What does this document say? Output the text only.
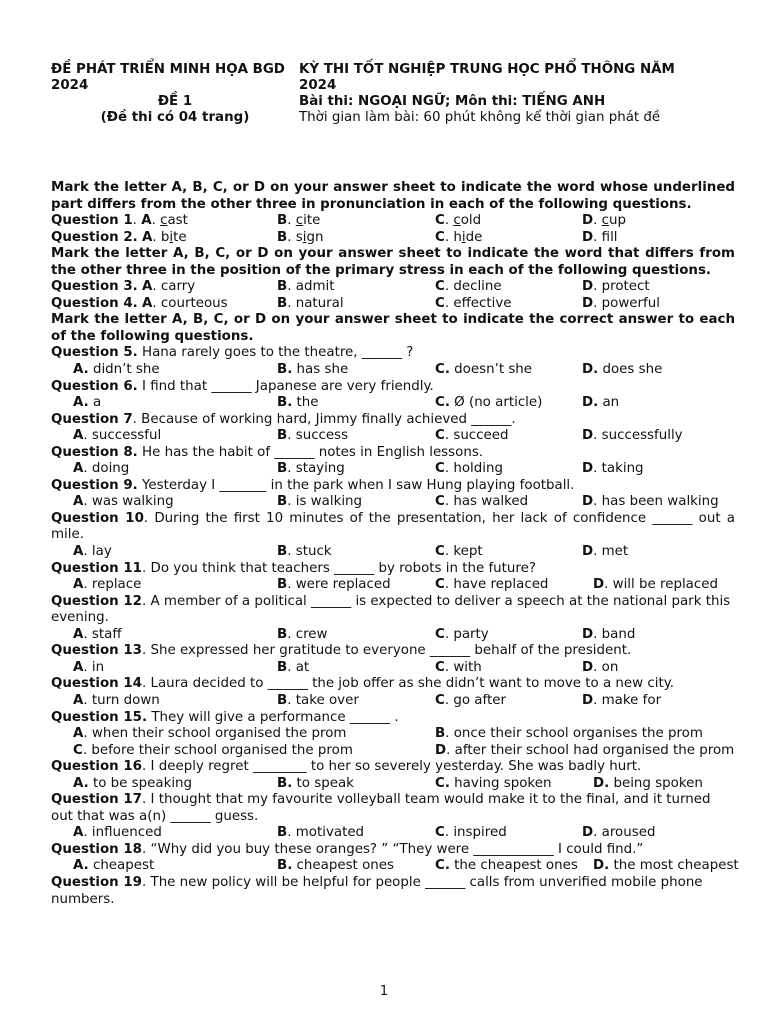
ĐỀ PHÁT TRIỂN MINH HỌA BGD
2024
ĐỀ 1
(Đề thi có 04 trang)
KỲ THI TỐT NGHIỆP TRUNG HỌC PHỔ THÔNG NĂM
2024
Bài thi: NGOẠI NGỮ; Môn thi: TIẾNG ANH
Thời gian làm bài: 60 phút không kể thời gian phát đề
Mark the letter A, B, C, or D on your answer sheet to indicate the word whose underlined part differs from the other three in pronunciation in each of the following questions.
Question 1. A. cast	B. cite	C. cold	D. cup
Question 2. A. bite	B. sign	C. hide	D. fll
Mark the letter A, B, C, or D on your answer sheet to indicate the word that differs from the other three in the position of the primary stress in each of the following questions.
Question 3. A. carry	B. admit	C. decline	D. protect
Question 4. A. courteous	B. natural	C. effective	D. powerful
Mark the letter A, B, C, or D on your answer sheet to indicate the correct answer to each of the following questions.
Question 5. Hana rarely goes to the theatre, ______ ?
A. didn’t she	B. has she	C. doesn’t she	D. does she
Question 6. I find that ______ Japanese are very friendly.
A. a	B. the	C. Ø (no article)	D. an
Question 7. Because of working hard, Jimmy finally achieved ______.
A. successful	B. success	C. succeed	D. successfully
Question 8. He has the habit of ______ notes in English lessons.
A. doing	B. staying	C. holding	D. taking
Question 9. Yesterday I _______ in the park when I saw Hung playing football.
A. was walking	B. is walking	C. has walked	D. has been walking
Question 10. During the first 10 minutes of the presentation, her lack of confidence ______ out a mile.
A. lay	B. stuck	C. kept	D. met
Question 11. Do you think that teachers ______ by robots in the future?
A. replace	B. were replaced	C. have replaced	D. will be replaced
Question 12. A member of a political ______ is expected to deliver a speech at the national park this evening.
A. staff	B. crew	C. party	D. band
Question 13. She expressed her gratitude to everyone ______ behalf of the president.
A. in	B. at	C. with	D. on
Question 14. Laura decided to ______ the job offer as she didn’t want to move to a new city.
A. turn down	B. take over	C. go after	D. make for
Question 15. They will give a performance ______ .
A. when their school organised the prom	B. once their school organises the prom
C. before their school organised the prom	D. after their school had organised the prom
Question 16. I deeply regret ________ to her so severely yesterday. She was badly hurt.
A. to be speaking	B. to speak	C. having spoken	D. being spoken
Question 17. I thought that my favourite volleyball team would make it to the final, and it turned out that was a(n) ______ guess.
A. influenced	B. motivated	C. inspired	D. aroused
Question 18. “Why did you buy these oranges? ” “They were ____________ I could find.”
A. cheapest	B. cheapest ones	C. the cheapest ones	D. the most cheapest
Question 19. The new policy will be helpful for people ______ calls from unverified mobile phone numbers.
1
